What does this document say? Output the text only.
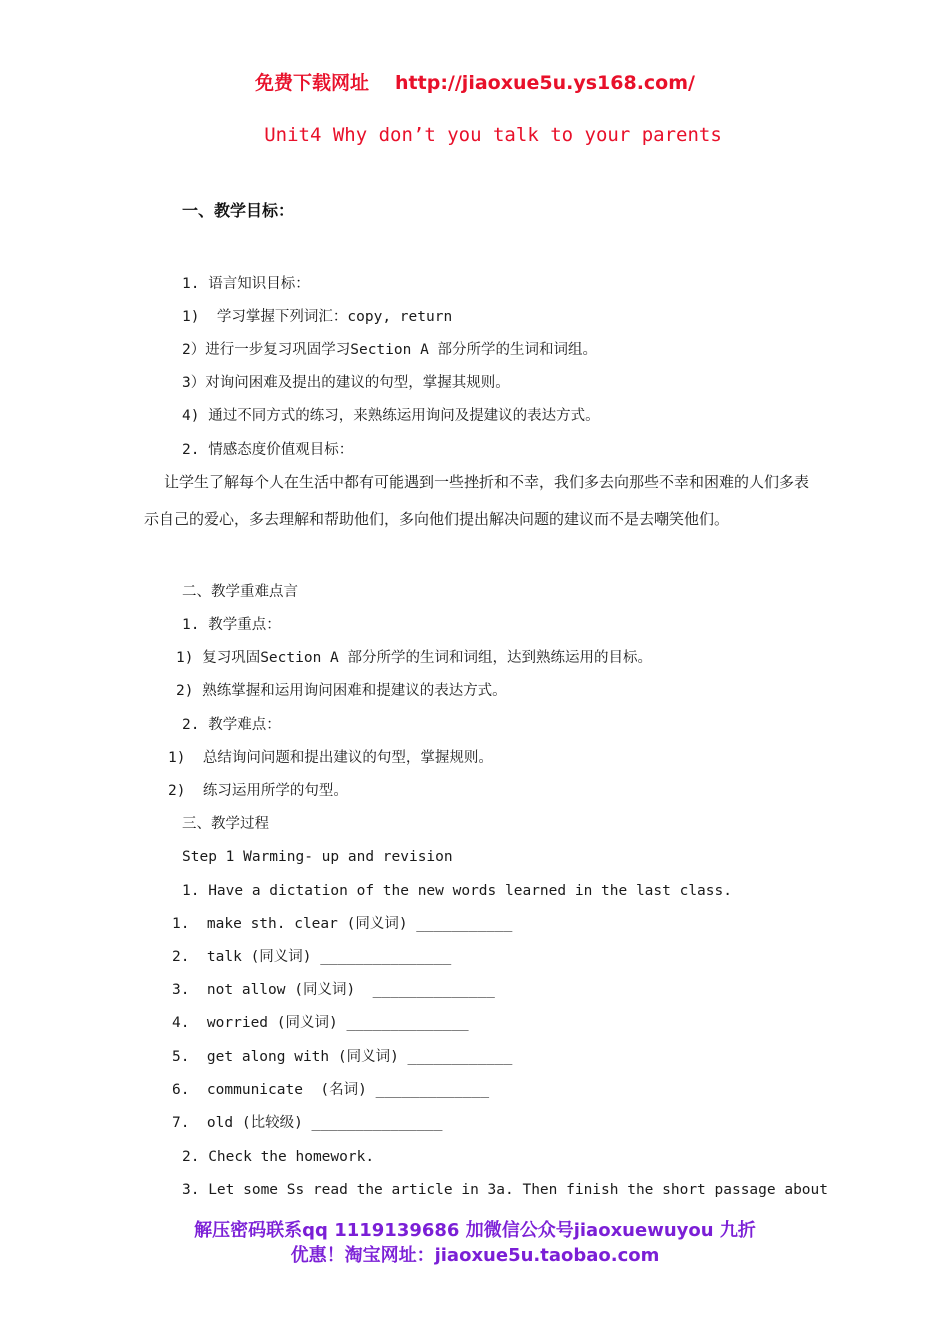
免费下载网址 http://jiaoxue5u.ys168.com/
Unit4 Why don’t you talk to your parents
一、教学目标：
1. 语言知识目标：
1)  学习掌握下列词汇：copy, return
2）进行一步复习巩固学习Section A 部分所学的生词和词组。
3）对询问困难及提出的建议的句型，掌握其规则。
4) 通过不同方式的练习，来熟练运用询问及提建议的表达方式。
2. 情感态度价值观目标：
让学生了解每个人在生活中都有可能遇到一些挫折和不幸，我们多去向那些不幸和困难的人们多表示自己的爱心，多去理解和帮助他们，多向他们提出解决问题的建议而不是去嘲笑他们。
二、教学重难点言
1. 教学重点：
1) 复习巩固Section A 部分所学的生词和词组，达到熟练运用的目标。
2) 熟练掌握和运用询问困难和提建议的表达方式。
2. 教学难点：
1)  总结询问问题和提出建议的句型，掌握规则。
2)  练习运用所学的句型。
三、教学过程
Step 1 Warming- up and revision
1. Have a dictation of the new words learned in the last class.
1.  make sth. clear (同义词) ___________
2.  talk (同义词) _______________
3.  not allow (同义词)  ______________
4.  worried (同义词) ______________
5.  get along with (同义词) ____________
6.  communicate  (名词) _____________
7.  old (比较级) _______________
2. Check the homework.
3. Let some Ss read the article in 3a. Then finish the short passage about
解压密码联系qq 1119139686 加微信公众号jiaoxuewuyou 九折
优惠！淘宝网址：jiaoxue5u.taobao.com
